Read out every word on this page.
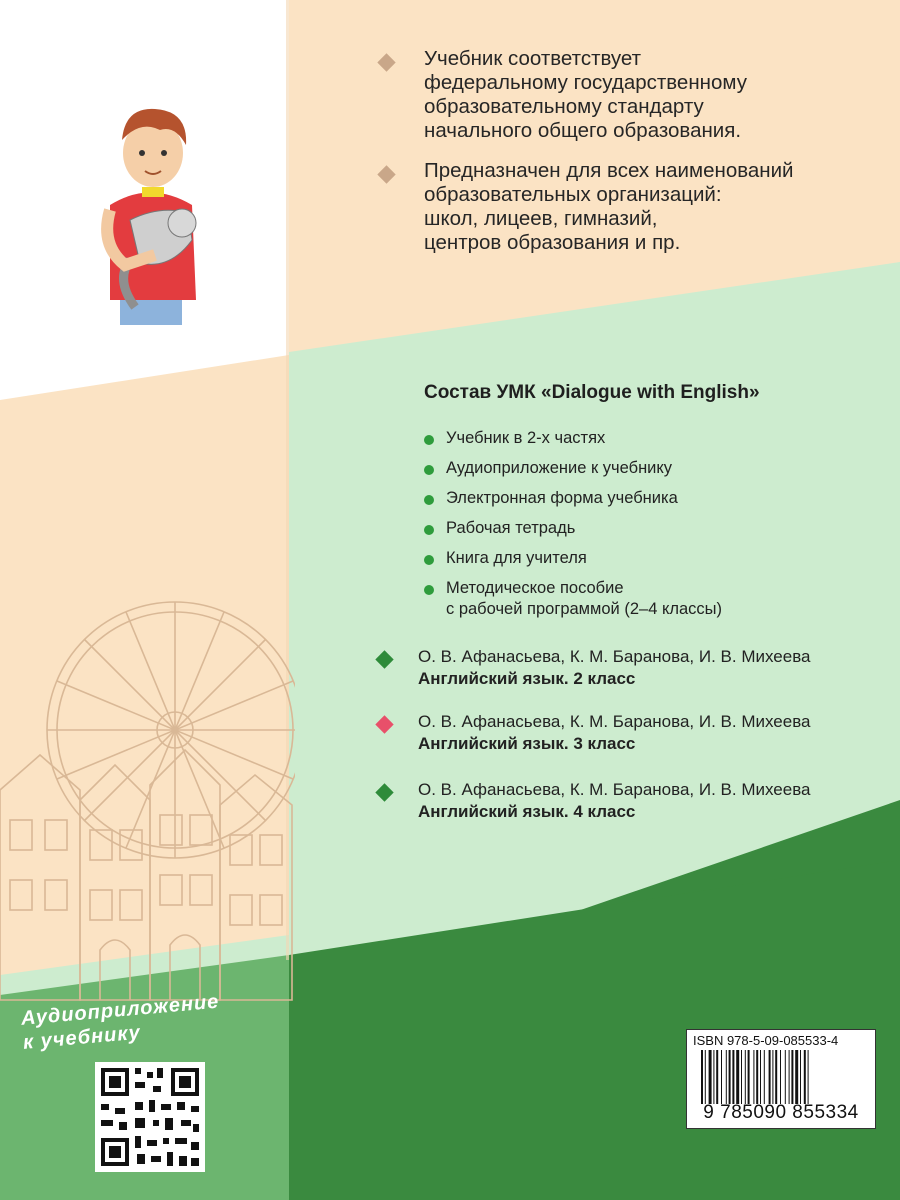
Учебник соответствует
федеральному государственному
образовательному стандарту
начального общего образования.
Предназначен для всех наименований
образовательных организаций:
школ, лицеев, гимназий,
центров образования и пр.
Состав УМК «Dialogue with English»
Учебник в 2-х частях
Аудиоприложение к учебнику
Электронная форма учебника
Рабочая тетрадь
Книга для учителя
Методическое пособие
с рабочей программой (2–4 классы)
О. В. Афанасьева, К. М. Баранова, И. В. Михеева
Английский язык. 2 класс
О. В. Афанасьева, К. М. Баранова, И. В. Михеева
Английский язык. 3 класс
О. В. Афанасьева, К. М. Баранова, И. В. Михеева
Английский язык. 4 класс
Аудиоприложение
к учебнику	ISBN 978-5-09-085533-4
9 785090 855334
